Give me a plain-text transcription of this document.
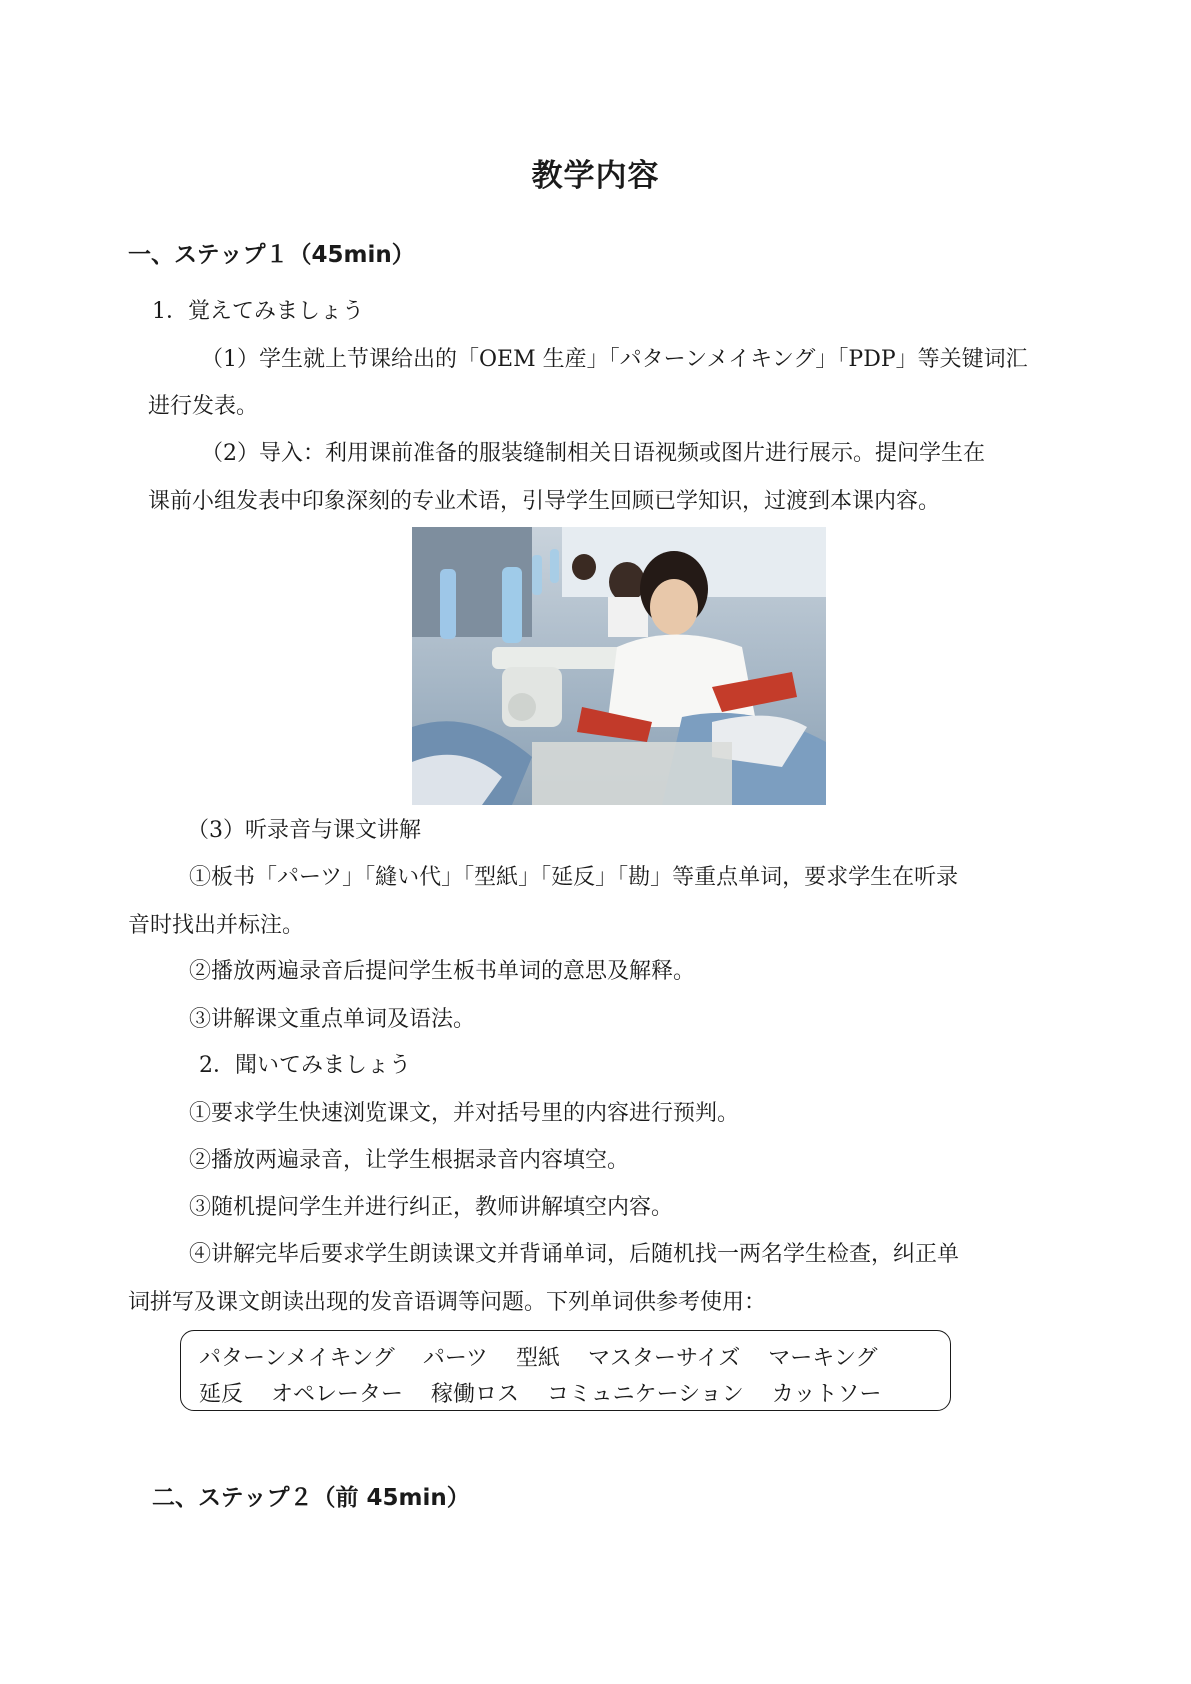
教学内容
一、ステップ１（45min）
1．覚えてみましょう
（1）学生就上节课给出的「OEM 生産」「パターンメイキング」「PDP」等关键词汇
进行发表。
（2）导入：利用课前准备的服装缝制相关日语视频或图片进行展示。提问学生在
课前小组发表中印象深刻的专业术语，引导学生回顾已学知识，过渡到本课内容。
（3）听录音与课文讲解
①板书「パーツ」「縫い代」「型紙」「延反」「勘」等重点单词，要求学生在听录
音时找出并标注。
②播放两遍录音后提问学生板书单词的意思及解释。
③讲解课文重点单词及语法。
2．聞いてみましょう
①要求学生快速浏览课文，并对括号里的内容进行预判。
②播放两遍录音，让学生根据录音内容填空。
③随机提问学生并进行纠正，教师讲解填空内容。
④讲解完毕后要求学生朗读课文并背诵单词，后随机找一两名学生检查，纠正单
词拼写及课文朗读出现的发音语调等问题。下列单词供参考使用：
パターンメイキング パーツ 型紙 マスターサイズ マーキング
延反 オペレーター 稼働ロス コミュニケーション カットソー
二、ステップ２（前 45min）
